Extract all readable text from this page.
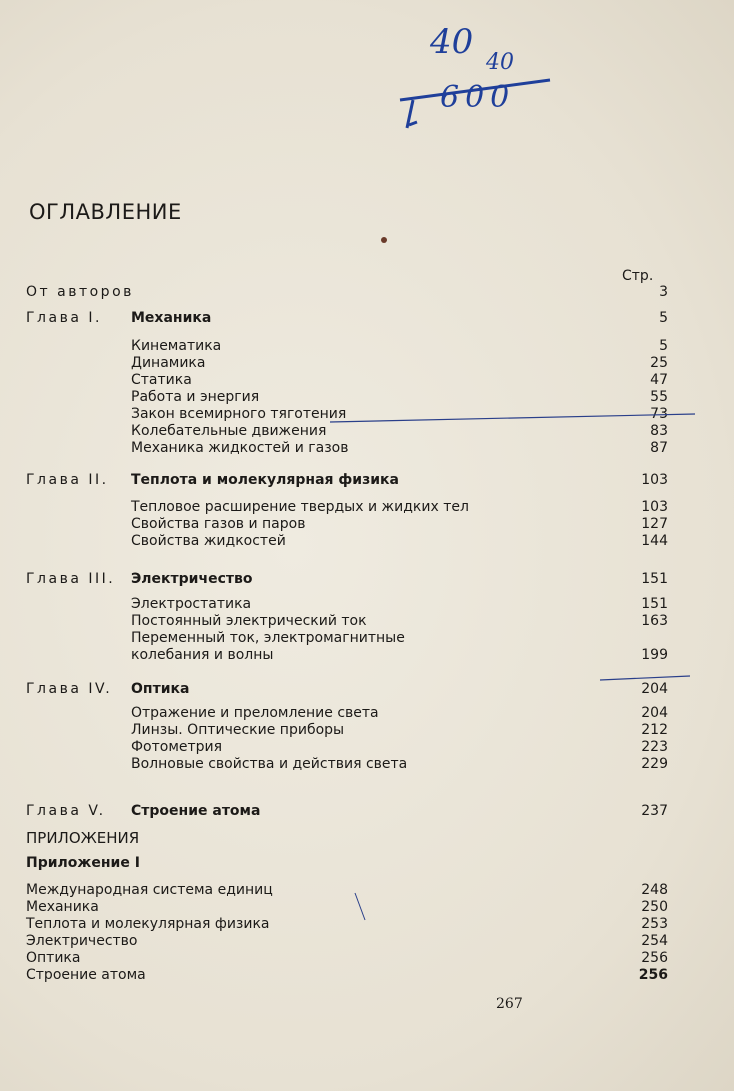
40
40
600
ОГЛАВЛЕНИЕ
Стр.
От авторов	3
Глава I. Механика	5
Кинематика	5
Динамика	25
Статика	47
Работа и энергия	55
Закон всемирного тяготения	73
Колебательные движения	83
Механика жидкостей и газов	87
Глава II. Теплота и молекулярная физика	103
Тепловое расширение твердых и жидких тел	103
Свойства газов и паров	127
Свойства жидкостей	144
Глава III. Электричество	151
Электростатика	151
Постоянный электрический ток	163
Переменный ток, электромагнитные
колебания и волны	199
Глава IV. Оптика	204
Отражение и преломление света	204
Линзы. Оптические приборы	212
Фотометрия	223
Волновые свойства и действия света	229
Глава V. Строение атома	237
ПРИЛОЖЕНИЯ
Приложение I
Международная система единиц	248
Механика	250
Теплота и молекулярная физика	253
Электричество	254
Оптика	256
Строение атома	256
267
